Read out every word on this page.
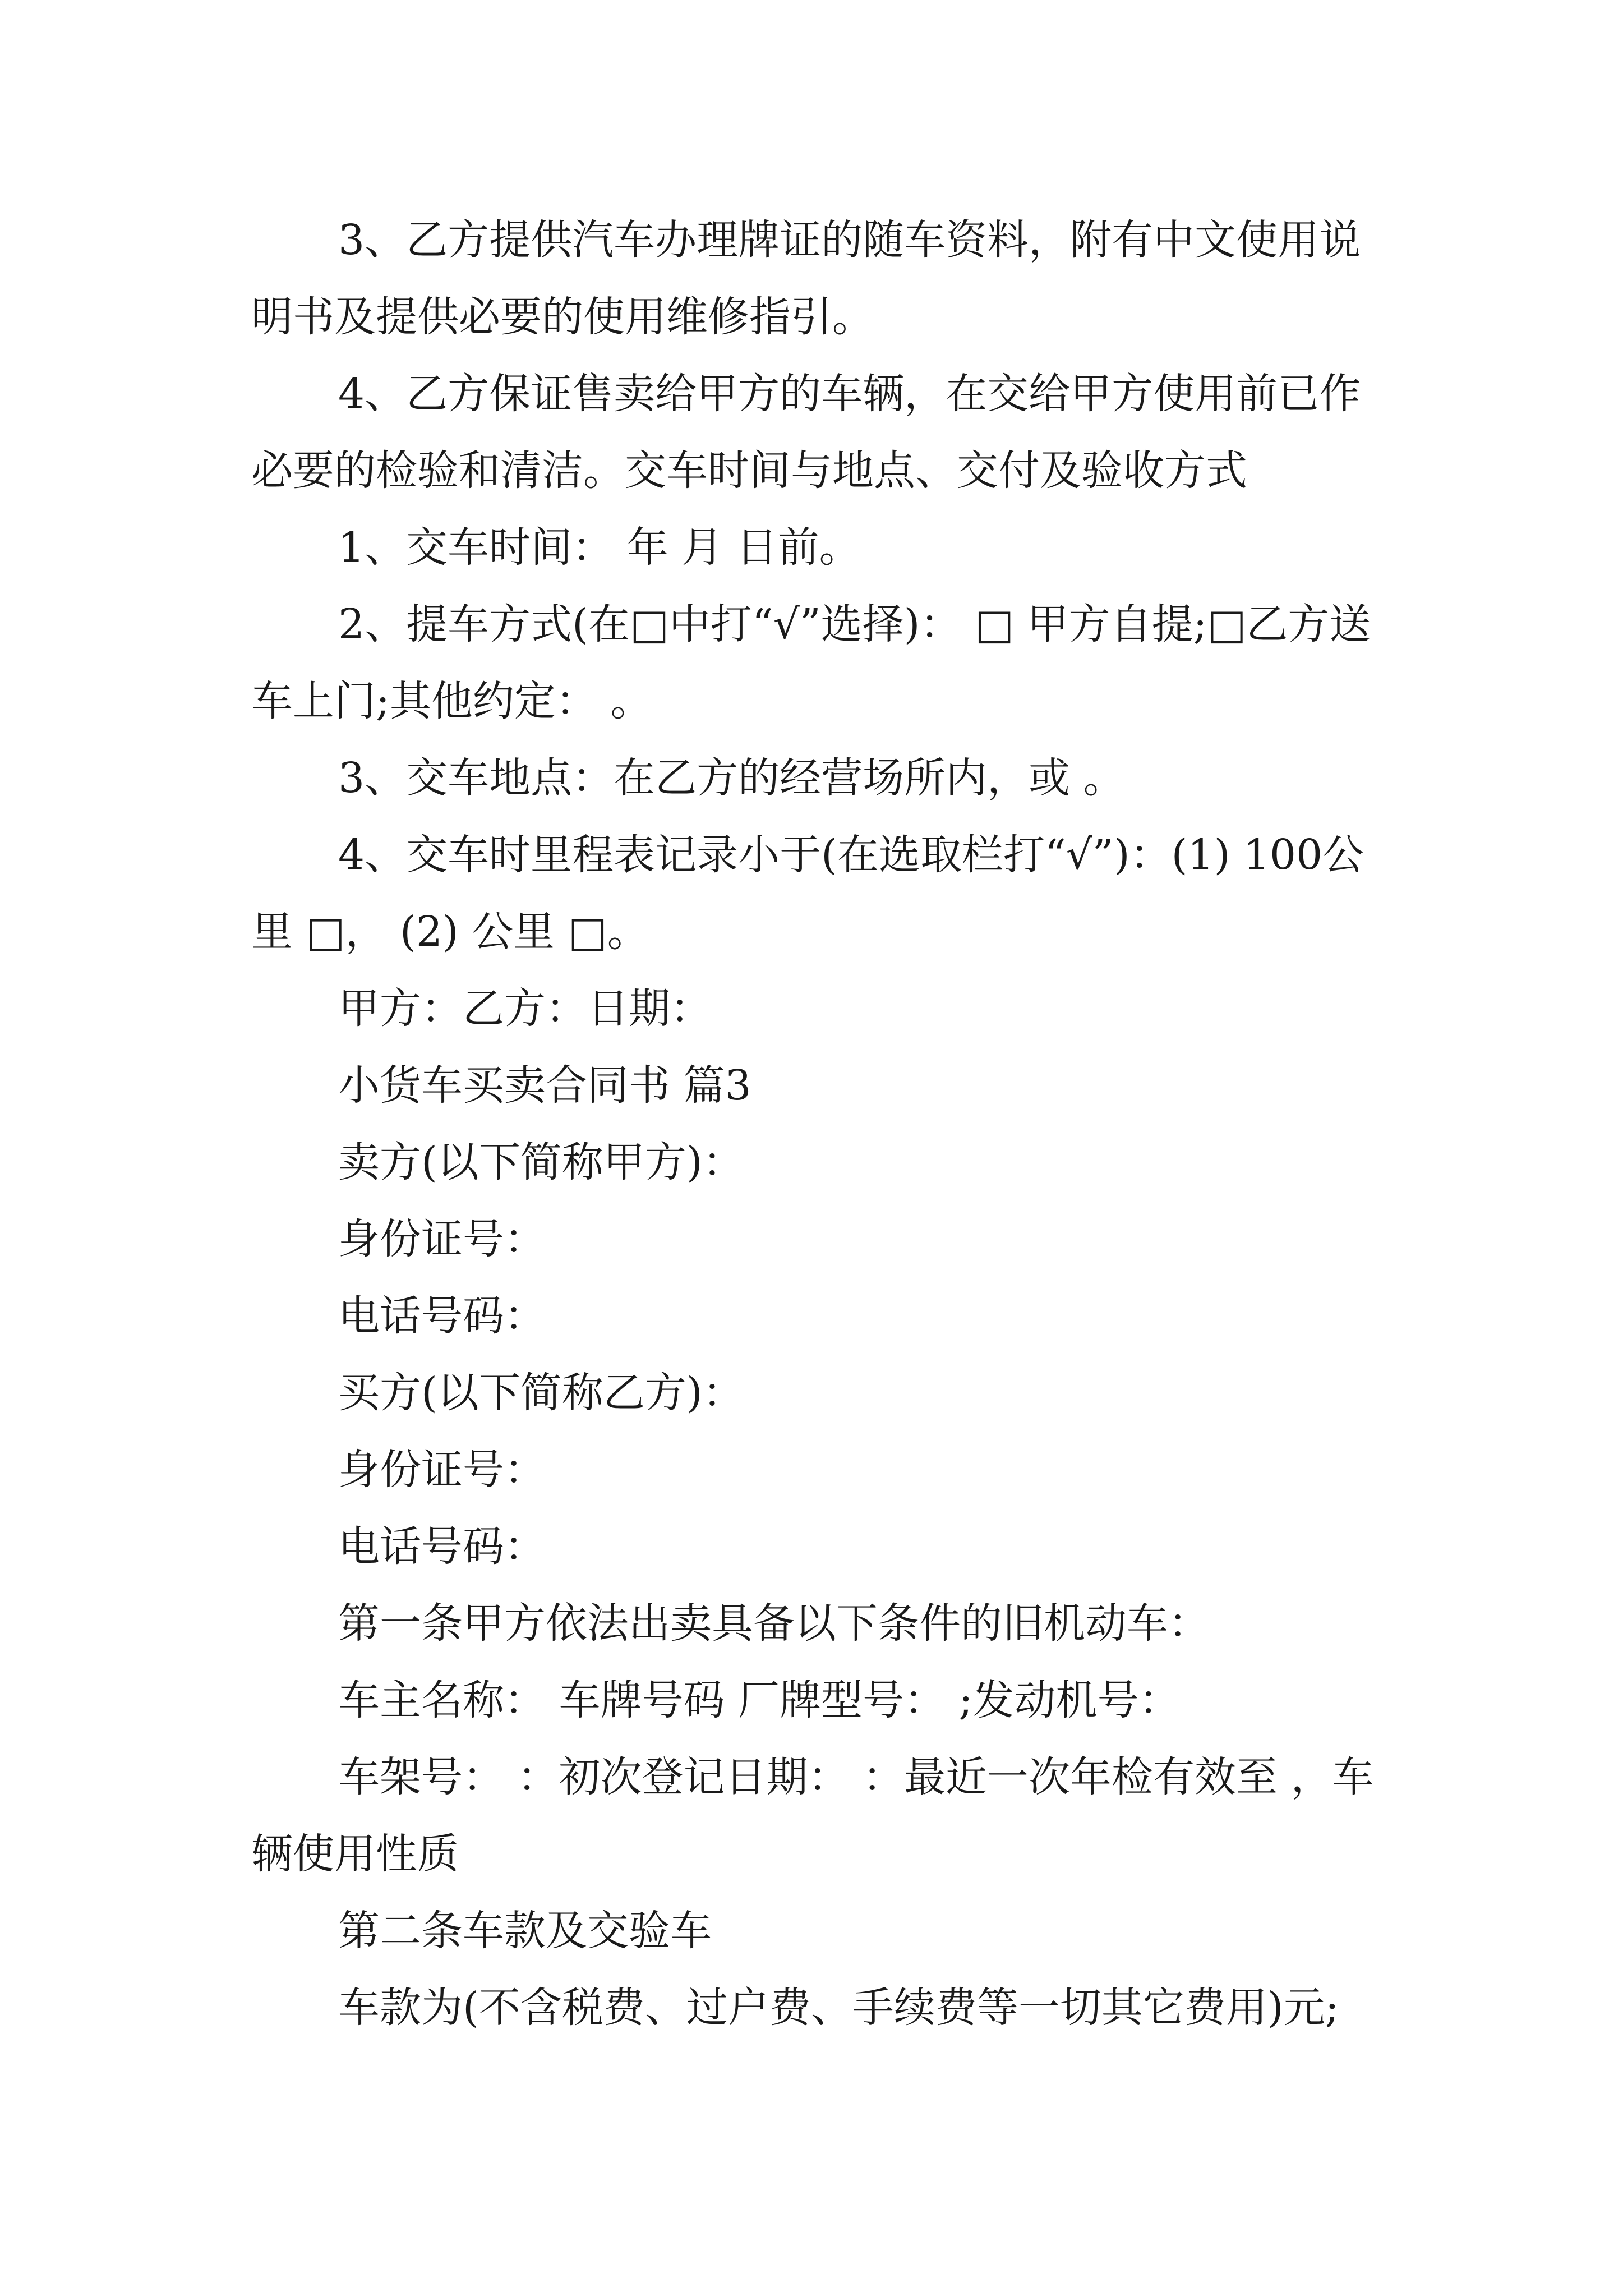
3、乙方提供汽车办理牌证的随车资料，附有中文使用说明书及提供必要的使用维修指引。

4、乙方保证售卖给甲方的车辆，在交给甲方使用前已作必要的检验和清洁。交车时间与地点、交付及验收方式

1、交车时间： 年 月 日前。

2、提车方式(在□中打“√”选择)： □ 甲方自提;□乙方送车上门;其他约定： 。

3、交车地点：在乙方的经营场所内，或 。

4、交车时里程表记录小于(在选取栏打“√”)：(1) 100公里 □， (2) 公里 □。

甲方：乙方：日期：

小货车买卖合同书 篇3

卖方(以下简称甲方)：

身份证号：

电话号码：

买方(以下简称乙方)：

身份证号：

电话号码：

第一条甲方依法出卖具备以下条件的旧机动车：

车主名称： 车牌号码 厂牌型号： ;发动机号：

车架号： ：初次登记日期： ：最近一次年检有效至 ，车辆使用性质

第二条车款及交验车

车款为(不含税费、过户费、手续费等一切其它费用)元;
